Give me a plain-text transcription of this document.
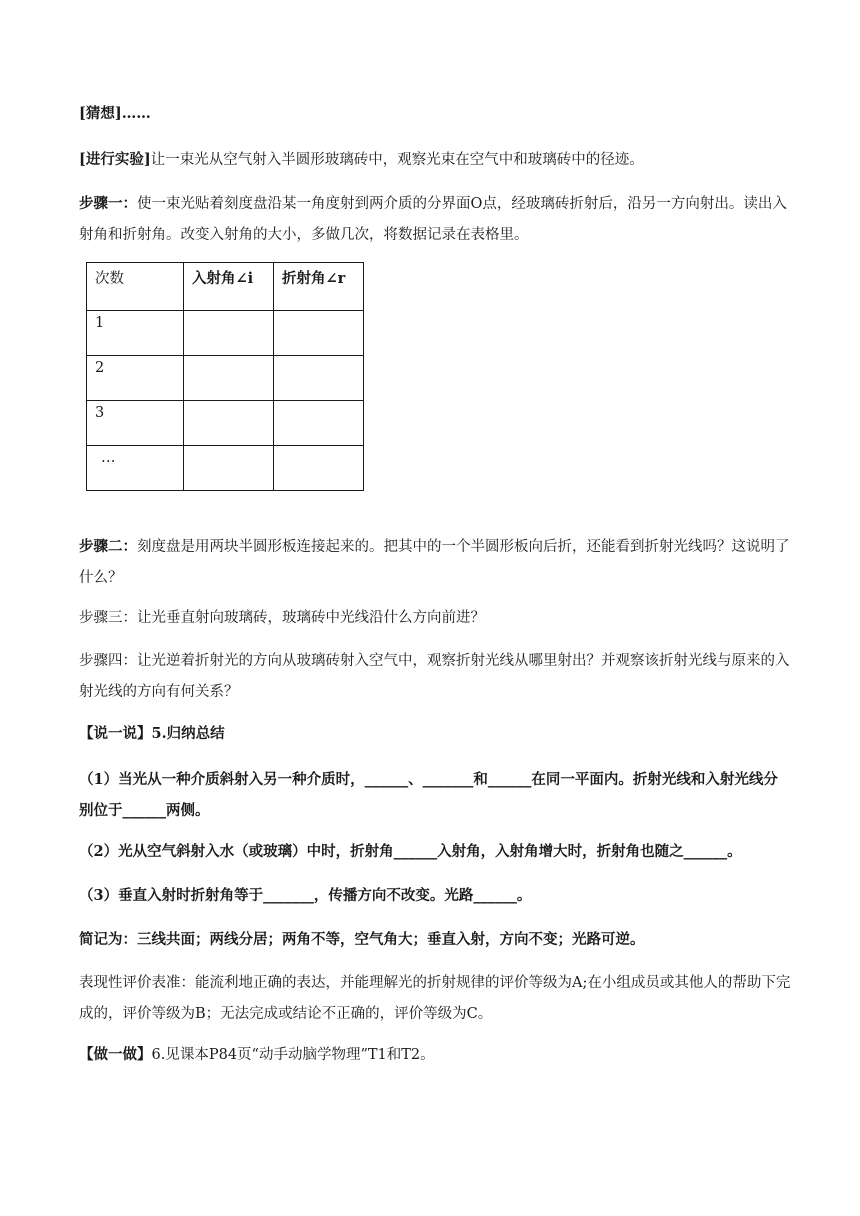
[猜想]……
[进行实验]让一束光从空气射入半圆形玻璃砖中，观察光束在空气中和玻璃砖中的径迹。
步骤一：使一束光贴着刻度盘沿某一角度射到两介质的分界面O点，经玻璃砖折射后，沿另一方向射出。读出入射角和折射角。改变入射角的大小，多做几次，将数据记录在表格里。
次数	入射角∠i	折射角∠r
1		
2		
3		
…		
步骤二：刻度盘是用两块半圆形板连接起来的。把其中的一个半圆形板向后折，还能看到折射光线吗？这说明了什么？
步骤三：让光垂直射向玻璃砖，玻璃砖中光线沿什么方向前进？
步骤四：让光逆着折射光的方向从玻璃砖射入空气中，观察折射光线从哪里射出？并观察该折射光线与原来的入射光线的方向有何关系？
【说一说】5.归纳总结
（1）当光从一种介质斜射入另一种介质时，______、_______和______在同一平面内。折射光线和入射光线分别位于______两侧。
（2）光从空气斜射入水（或玻璃）中时，折射角______入射角，入射角增大时，折射角也随之______。
（3）垂直入射时折射角等于_______，传播方向不改变。光路______。
简记为：三线共面；两线分居；两角不等，空气角大；垂直入射，方向不变；光路可逆。
表现性评价表准：能流利地正确的表达，并能理解光的折射规律的评价等级为A;在小组成员或其他人的帮助下完成的，评价等级为B；无法完成或结论不正确的，评价等级为C。
【做一做】6.见课本P84页“动手动脑学物理”T1和T2。
